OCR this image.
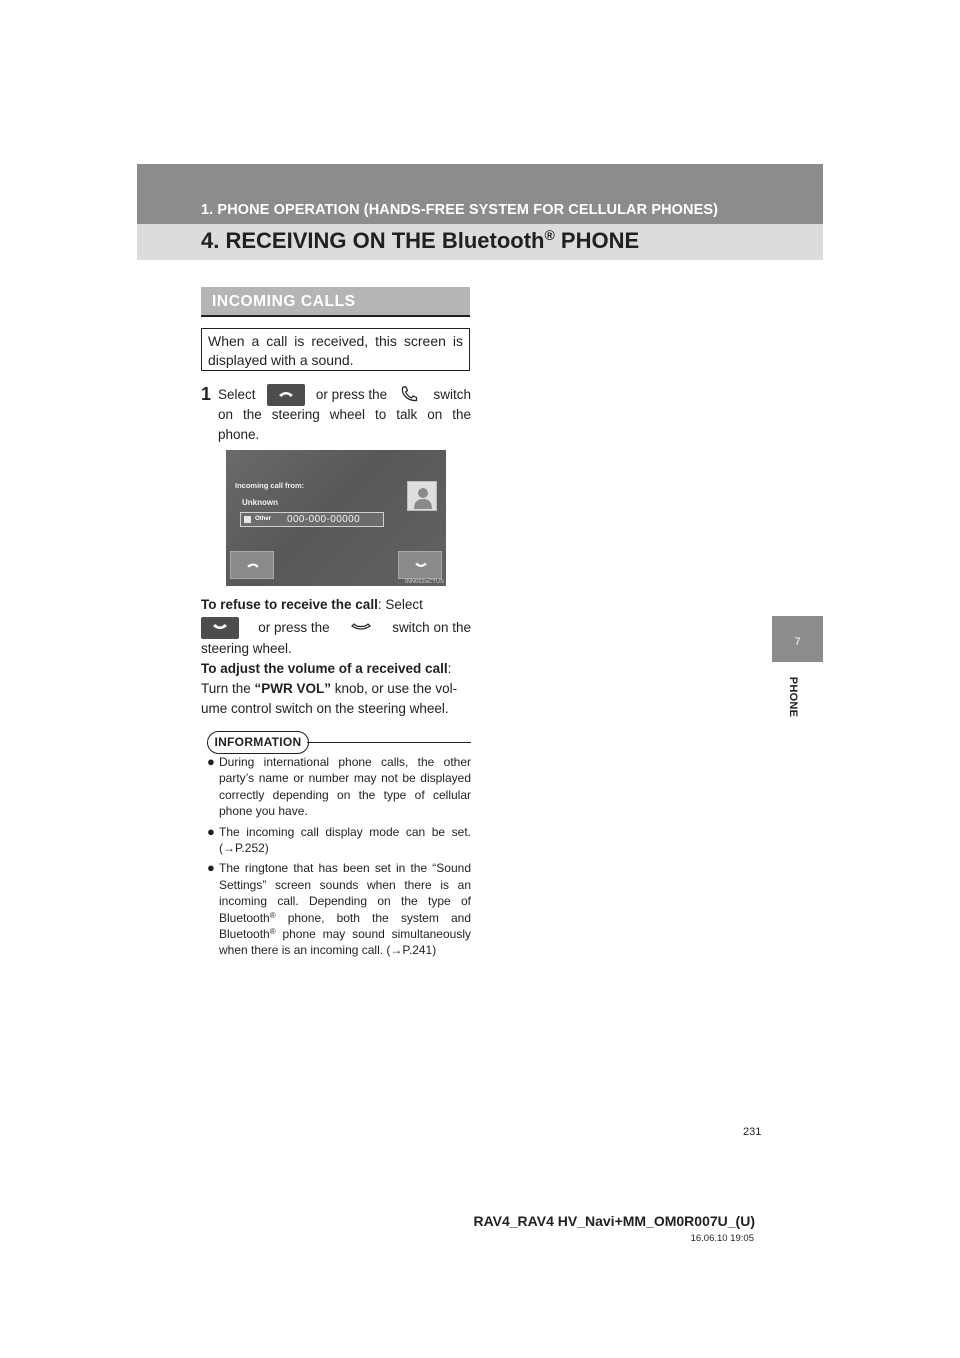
1. PHONE OPERATION (HANDS-FREE SYSTEM FOR CELLULAR PHONES)
4. RECEIVING ON THE Bluetooth® PHONE
7
PHONE
INCOMING CALLS
When a call is received, this screen is displayed with a sound.
1 Select	or press the	switch
on the steering wheel to talk on the
phone.
Incoming call from:
Unknown
Other 000-000-00000
INN002aCTUS
To refuse to receive the call: Select
or press the	switch on the
steering wheel.
To adjust the volume of a received call:
Turn the “PWR VOL” knob, or use the vol-
ume control switch on the steering wheel.
INFORMATION
● During international phone calls, the other party’s name or number may not be displayed correctly depending on the type of cellular phone you have.
● The incoming call display mode can be set. (→P.252)
● The ringtone that has been set in the “Sound Settings” screen sounds when there is an incoming call. Depending on the type of Bluetooth® phone, both the system and Bluetooth® phone may sound simultaneously when there is an incoming call. (→P.241)
231
RAV4_RAV4 HV_Navi+MM_OM0R007U_(U)
16.06.10 19:05
